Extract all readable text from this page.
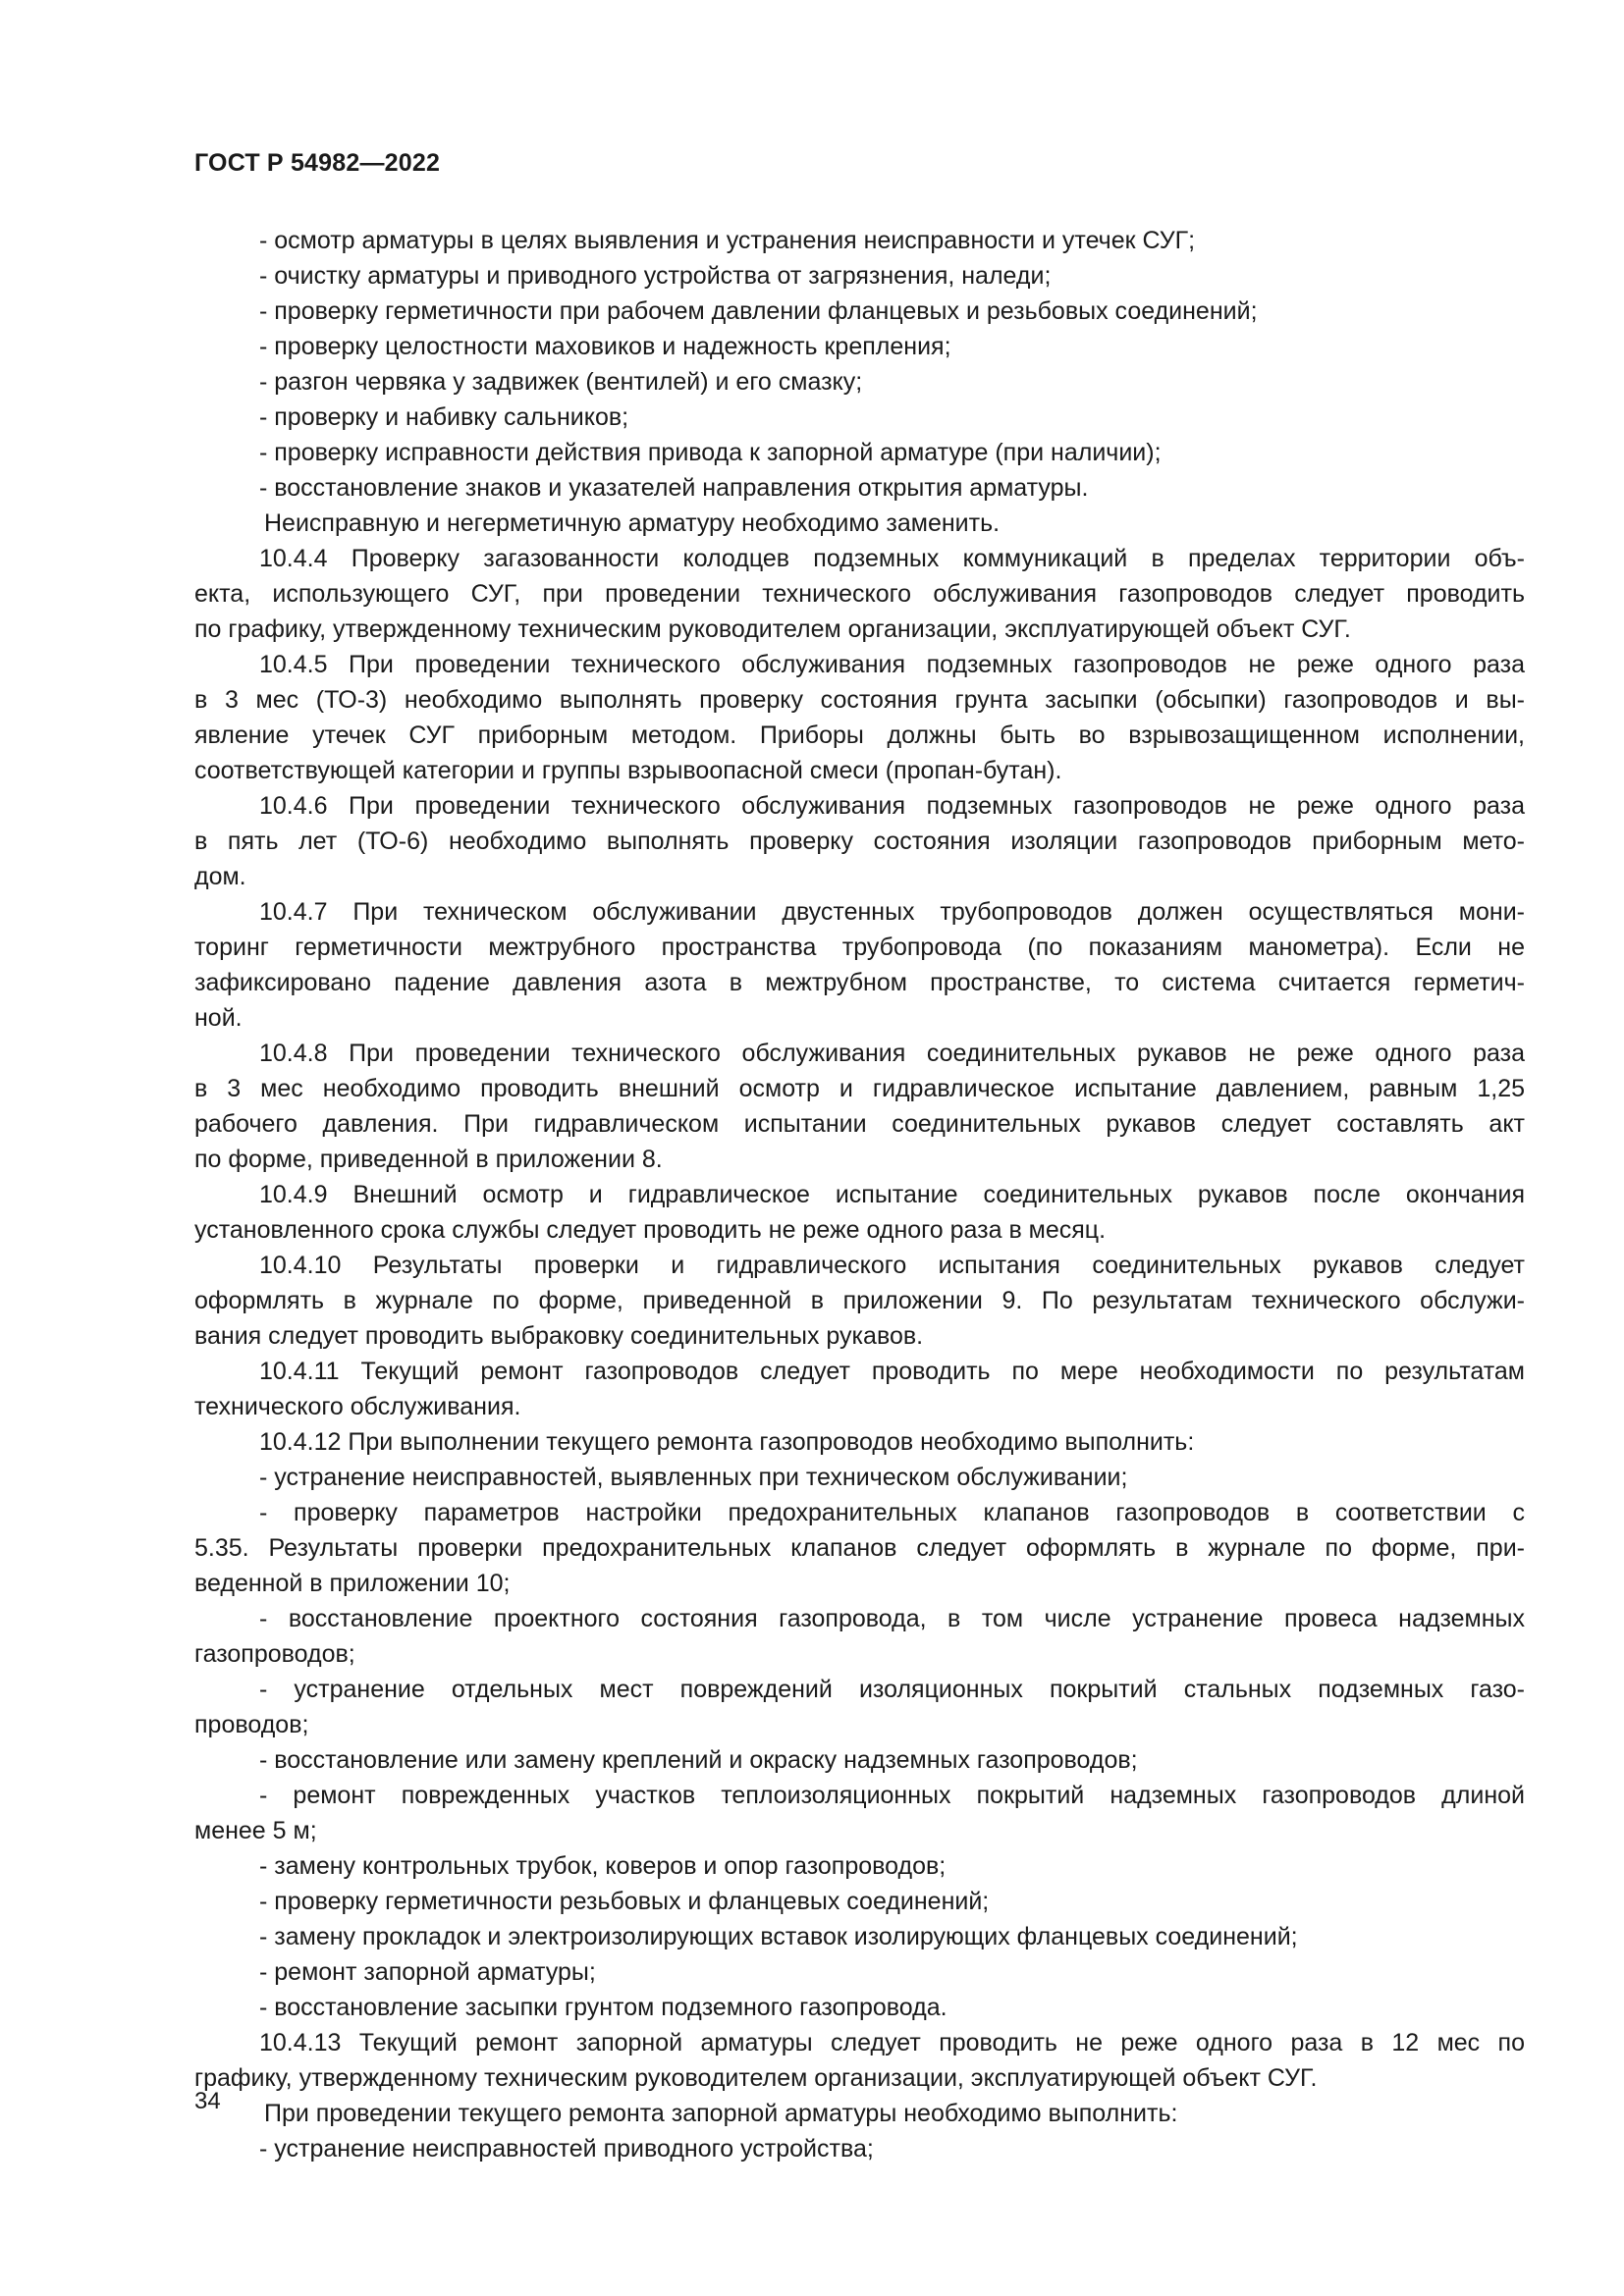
ГОСТ Р 54982—2022
- осмотр арматуры в целях выявления и устранения неисправности и утечек СУГ;
- очистку арматуры и приводного устройства от загрязнения, наледи;
- проверку герметичности при рабочем давлении фланцевых и резьбовых соединений;
- проверку целостности маховиков и надежность крепления;
- разгон червяка у задвижек (вентилей) и его смазку;
- проверку и набивку сальников;
- проверку исправности действия привода к запорной арматуре (при наличии);
- восстановление знаков и указателей направления открытия арматуры.
Неисправную и негерметичную арматуру необходимо заменить.
10.4.4 Проверку загазованности колодцев подземных коммуникаций в пределах территории объ-
екта, использующего СУГ, при проведении технического обслуживания газопроводов следует проводить
по графику, утвержденному техническим руководителем организации, эксплуатирующей объект СУГ.
10.4.5 При проведении технического обслуживания подземных газопроводов не реже одного раза
в 3 мес (ТО-3) необходимо выполнять проверку состояния грунта засыпки (обсыпки) газопроводов и вы-
явление утечек СУГ приборным методом. Приборы должны быть во взрывозащищенном исполнении,
соответствующей категории и группы взрывоопасной смеси (пропан-бутан).
10.4.6 При проведении технического обслуживания подземных газопроводов не реже одного раза
в пять лет (ТО-6) необходимо выполнять проверку состояния изоляции газопроводов приборным мето-
дом.
10.4.7 При техническом обслуживании двустенных трубопроводов должен осуществляться мони-
торинг герметичности межтрубного пространства трубопровода (по показаниям манометра). Если не
зафиксировано падение давления азота в межтрубном пространстве, то система считается герметич-
ной.
10.4.8 При проведении технического обслуживания соединительных рукавов не реже одного раза
в 3 мес необходимо проводить внешний осмотр и гидравлическое испытание давлением, равным 1,25
рабочего давления. При гидравлическом испытании соединительных рукавов следует составлять акт
по форме, приведенной в приложении 8.
10.4.9 Внешний осмотр и гидравлическое испытание соединительных рукавов после окончания
установленного срока службы следует проводить не реже одного раза в месяц.
10.4.10 Результаты проверки и гидравлического испытания соединительных рукавов следует
оформлять в журнале по форме, приведенной в приложении 9. По результатам технического обслужи-
вания следует проводить выбраковку соединительных рукавов.
10.4.11 Текущий ремонт газопроводов следует проводить по мере необходимости по результатам
технического обслуживания.
10.4.12 При выполнении текущего ремонта газопроводов необходимо выполнить:
- устранение неисправностей, выявленных при техническом обслуживании;
- проверку параметров настройки предохранительных клапанов газопроводов в соответствии с
5.35. Результаты проверки предохранительных клапанов следует оформлять в журнале по форме, при-
веденной в приложении 10;
- восстановление проектного состояния газопровода, в том числе устранение провеса надземных
газопроводов;
- устранение отдельных мест повреждений изоляционных покрытий стальных подземных газо-
проводов;
- восстановление или замену креплений и окраску надземных газопроводов;
- ремонт поврежденных участков теплоизоляционных покрытий надземных газопроводов длиной
менее 5 м;
- замену контрольных трубок, коверов и опор газопроводов;
- проверку герметичности резьбовых и фланцевых соединений;
- замену прокладок и электроизолирующих вставок изолирующих фланцевых соединений;
- ремонт запорной арматуры;
- восстановление засыпки грунтом подземного газопровода.
10.4.13 Текущий ремонт запорной арматуры следует проводить не реже одного раза в 12 мес по
графику, утвержденному техническим руководителем организации, эксплуатирующей объект СУГ.
При проведении текущего ремонта запорной арматуры необходимо выполнить:
- устранение неисправностей приводного устройства;
34
